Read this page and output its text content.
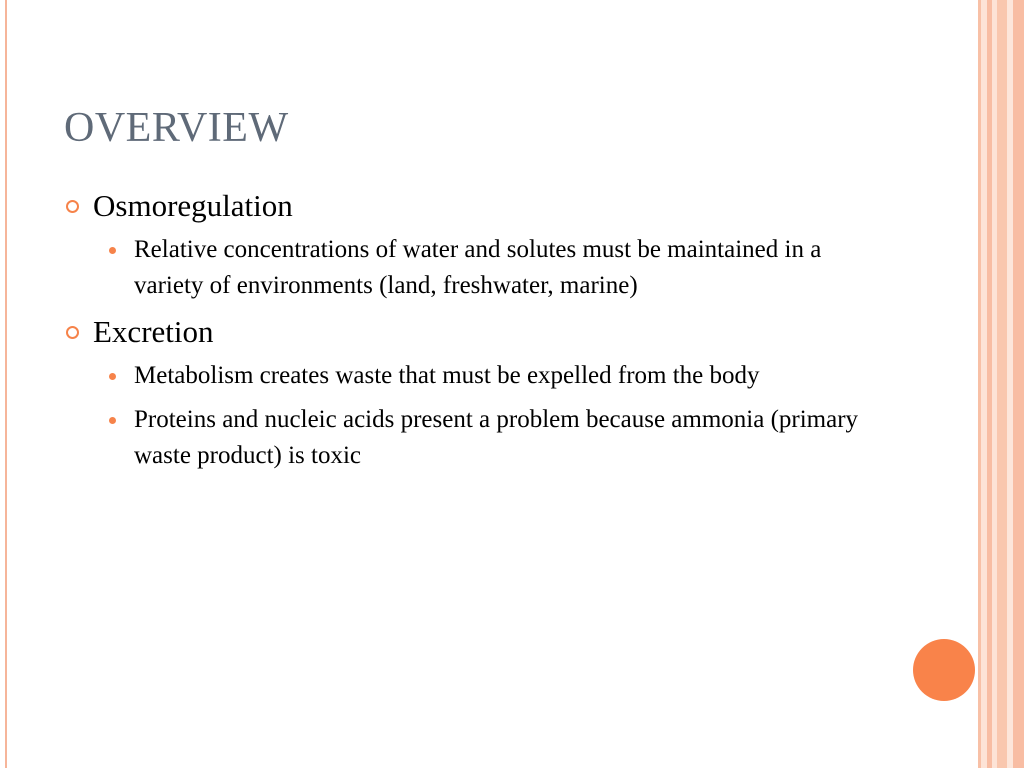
OVERVIEW
Osmoregulation
Relative concentrations of water and solutes must be maintained in a variety of environments (land, freshwater, marine)
Excretion
Metabolism creates waste that must be expelled from the body
Proteins and nucleic acids present a problem because ammonia (primary waste product) is toxic
